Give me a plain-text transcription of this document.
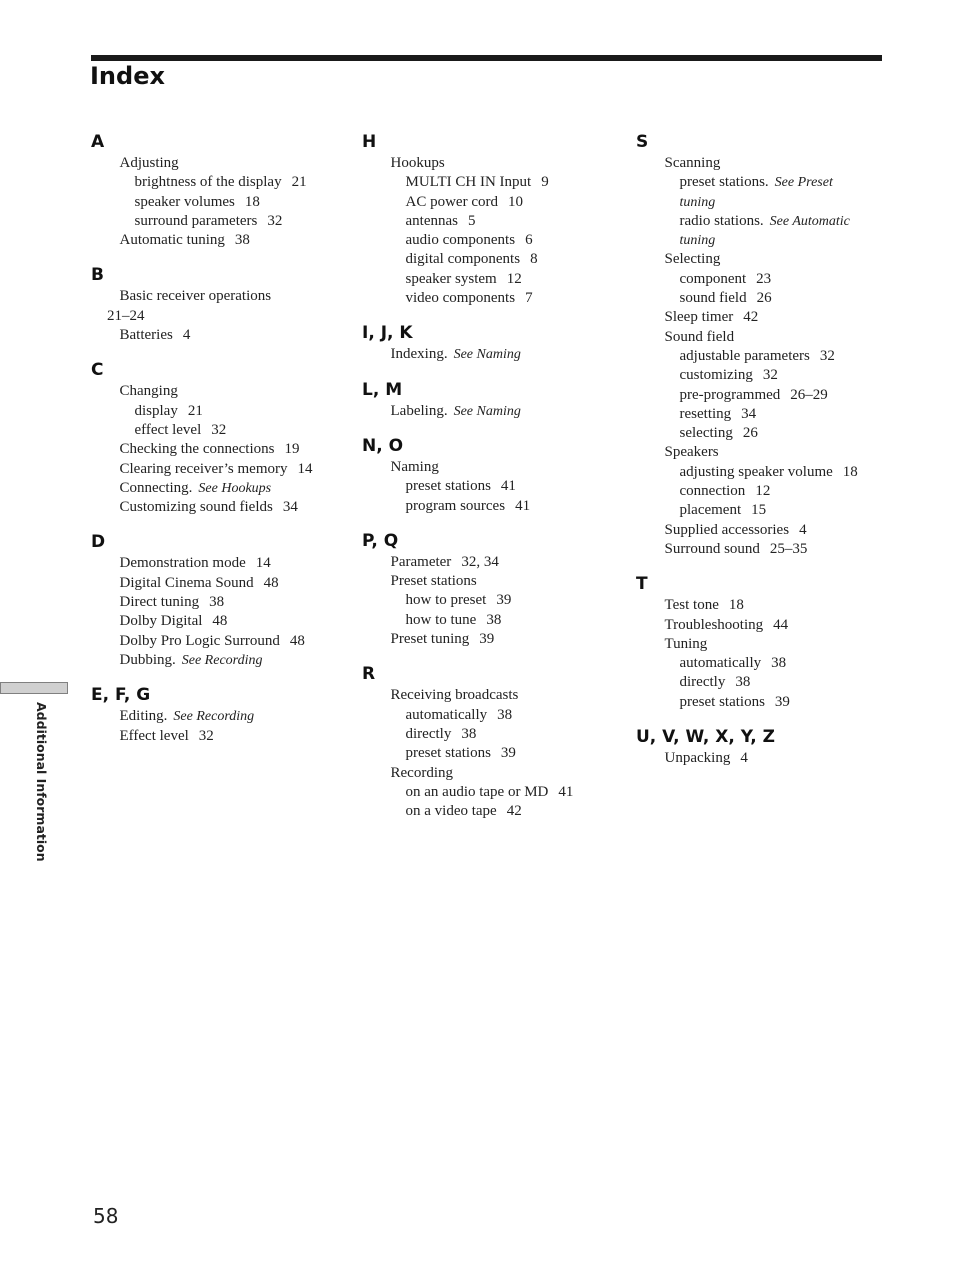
Index
A
Adjusting
brightness of the display 21
speaker volumes 18
surround parameters 32
Automatic tuning 38
B
Basic receiver operations
21–24
Batteries 4
C
Changing
display 21
effect level 32
Checking the connections 19
Clearing receiver’s memory 14
Connecting. See Hookups
Customizing sound fields 34
D
Demonstration mode 14
Digital Cinema Sound 48
Direct tuning 38
Dolby Digital 48
Dolby Pro Logic Surround 48
Dubbing. See Recording
E, F, G
Editing. See Recording
Effect level 32
H
Hookups
MULTI CH IN Input 9
AC power cord 10
antennas 5
audio components 6
digital components 8
speaker system 12
video components 7
I, J, K
Indexing. See Naming
L, M
Labeling. See Naming
N, O
Naming
preset stations 41
program sources 41
P, Q
Parameter 32, 34
Preset stations
how to preset 39
how to tune 38
Preset tuning 39
R
Receiving broadcasts
automatically 38
directly 38
preset stations 39
Recording
on an audio tape or MD 41
on a video tape 42
S
Scanning
preset stations. See Preset
tuning
radio stations. See Automatic
tuning
Selecting
component 23
sound field 26
Sleep timer 42
Sound field
adjustable parameters 32
customizing 32
pre-programmed 26–29
resetting 34
selecting 26
Speakers
adjusting speaker volume 18
connection 12
placement 15
Supplied accessories 4
Surround sound 25–35
T
Test tone 18
Troubleshooting 44
Tuning
automatically 38
directly 38
preset stations 39
U, V, W, X, Y, Z
Unpacking 4
Additional Information
58
